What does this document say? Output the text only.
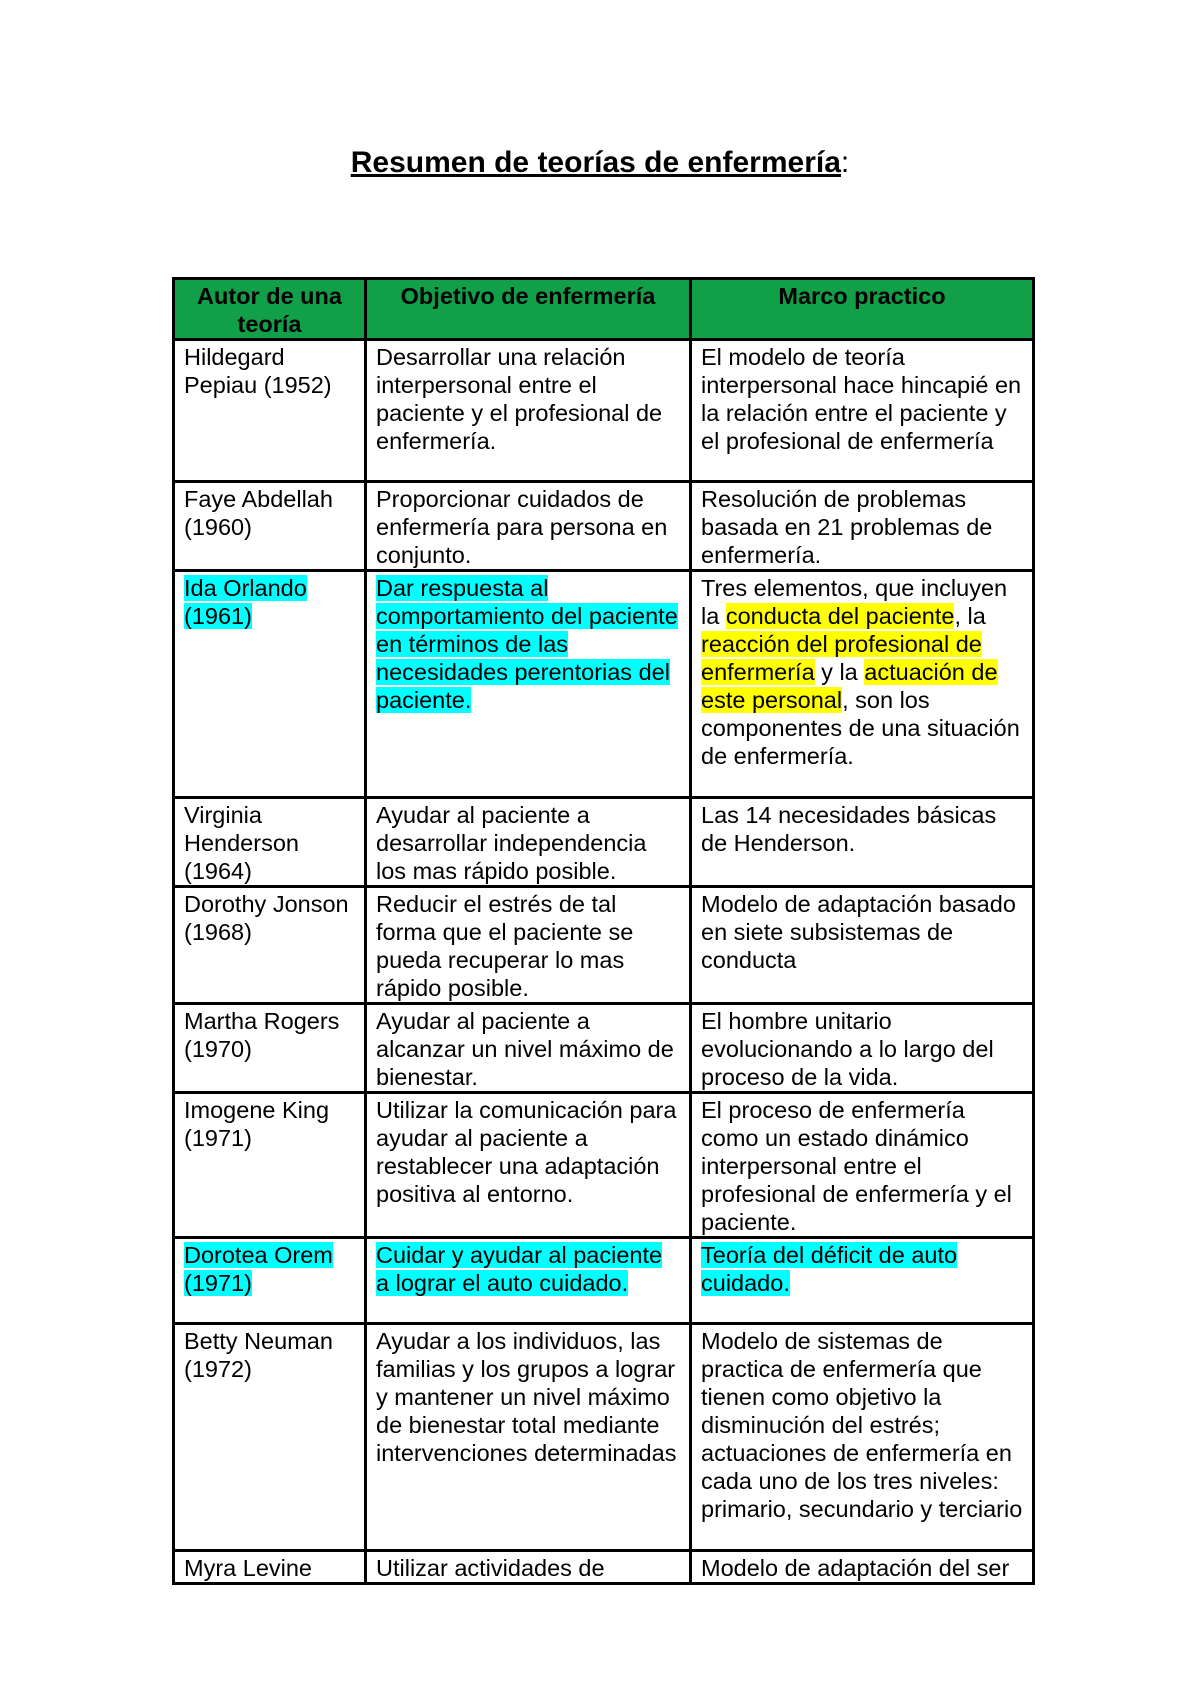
Resumen de teorías de enfermería:
Autor de una teoría	Objetivo de enfermería	Marco practico
Hildegard Pepiau (1952)	Desarrollar una relación interpersonal entre el paciente y el profesional de enfermería.	El modelo de teoría interpersonal hace hincapié en la relación entre el paciente y el profesional de enfermería
Faye Abdellah (1960)	Proporcionar cuidados de enfermería para persona en conjunto.	Resolución de problemas basada en 21 problemas de enfermería.
Ida Orlando (1961)	Dar respuesta al comportamiento del paciente en términos de las necesidades perentorias del paciente.	Tres elementos, que incluyen la conducta del paciente, la reacción del profesional de enfermería y la actuación de este personal, son los componentes de una situación de enfermería.
Virginia Henderson (1964)	Ayudar al paciente a desarrollar independencia los mas rápido posible.	Las 14 necesidades básicas de Henderson.
Dorothy Jonson (1968)	Reducir el estrés de tal forma que el paciente se pueda recuperar lo mas rápido posible.	Modelo de adaptación basado en siete subsistemas de conducta
Martha Rogers (1970)	Ayudar al paciente a alcanzar un nivel máximo de bienestar.	El hombre unitario evolucionando a lo largo del proceso de la vida.
Imogene King (1971)	Utilizar la comunicación para ayudar al paciente a restablecer una adaptación positiva al entorno.	El proceso de enfermería como un estado dinámico interpersonal entre el profesional de enfermería y el paciente.
Dorotea Orem (1971)	Cuidar y ayudar al paciente a lograr el auto cuidado.	Teoría del déficit de auto cuidado.
Betty Neuman (1972)	Ayudar a los individuos, las familias y los grupos a lograr y mantener un nivel máximo de bienestar total mediante intervenciones determinadas	Modelo de sistemas de practica de enfermería que tienen como objetivo la disminución del estrés; actuaciones de enfermería en cada uno de los tres niveles: primario, secundario y terciario
Myra Levine	Utilizar actividades de	Modelo de adaptación del ser
